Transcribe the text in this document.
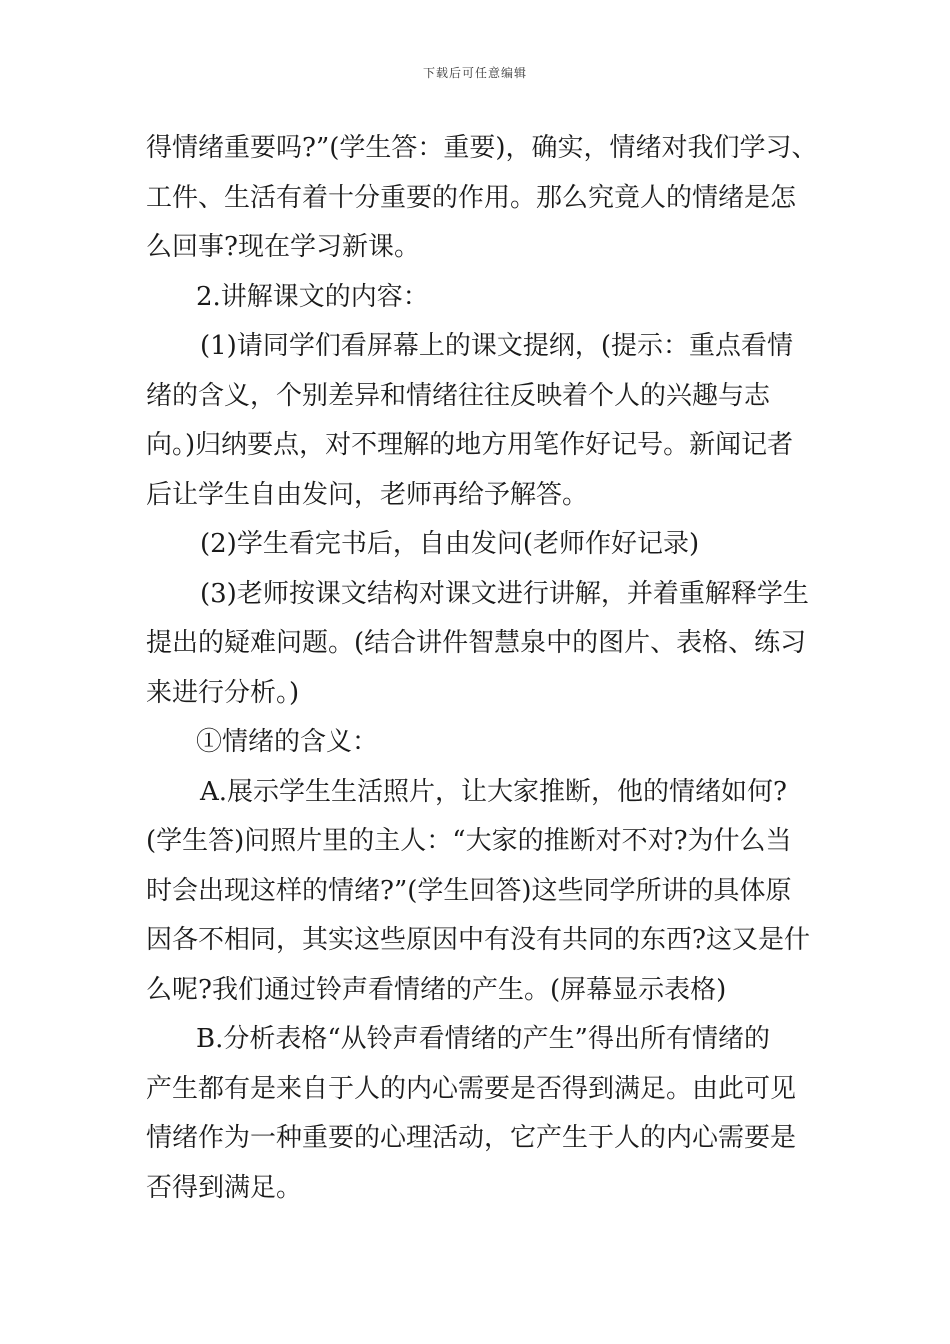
下载后可任意编辑
得情绪重要吗?”(学生答：重要)，确实，情绪对我们学习、
工件、生活有着十分重要的作用。那么究竟人的情绪是怎
么回事?现在学习新课。
2.讲解课文的内容：
(1)请同学们看屏幕上的课文提纲，(提示：重点看情
绪的含义，个别差异和情绪往往反映着个人的兴趣与志
向。)归纳要点，对不理解的地方用笔作好记号。新闻记者
后让学生自由发问，老师再给予解答。
(2)学生看完书后，自由发问(老师作好记录)
(3)老师按课文结构对课文进行讲解，并着重解释学生
提出的疑难问题。(结合讲件智慧泉中的图片、表格、练习
来进行分析。)
①情绪的含义：
A.展示学生生活照片，让大家推断，他的情绪如何?
(学生答)问照片里的主人：“大家的推断对不对?为什么当
时会出现这样的情绪?”(学生回答)这些同学所讲的具体原
因各不相同，其实这些原因中有没有共同的东西?这又是什
么呢?我们通过铃声看情绪的产生。(屏幕显示表格)
B.分析表格“从铃声看情绪的产生”得出所有情绪的
产生都有是来自于人的内心需要是否得到满足。由此可见
情绪作为一种重要的心理活动，它产生于人的内心需要是
否得到满足。
